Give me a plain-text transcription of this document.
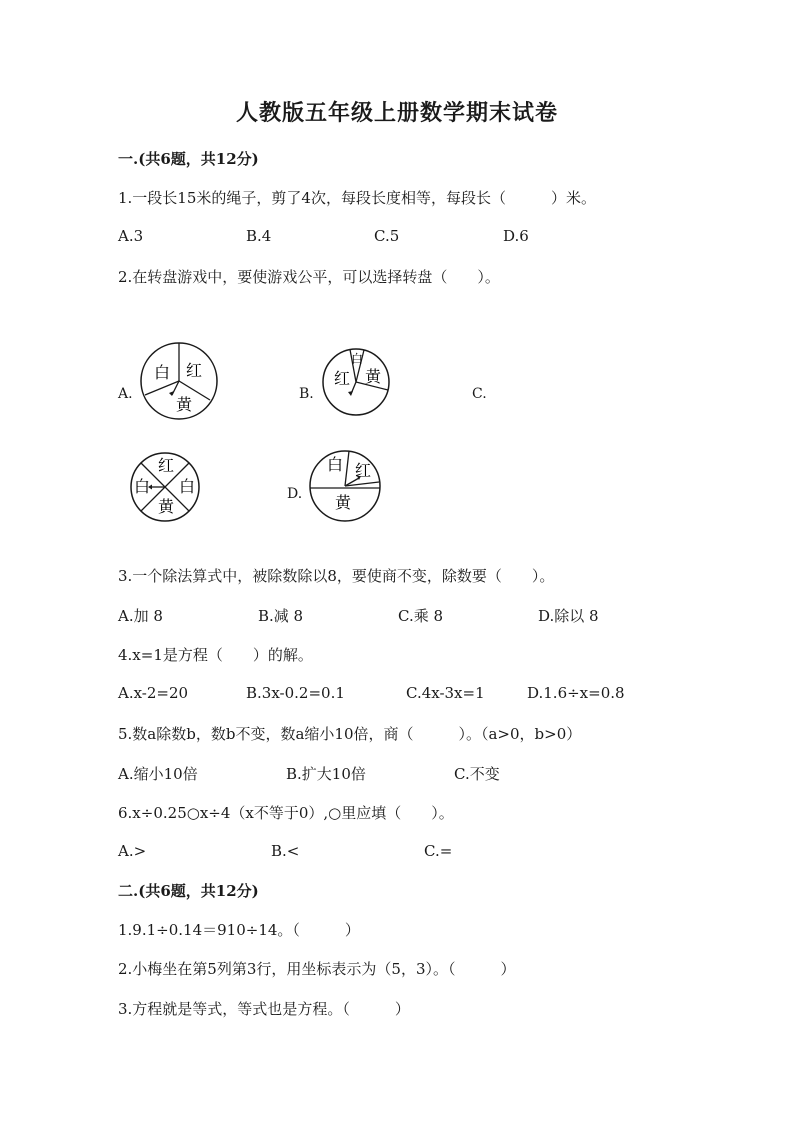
人教版五年级上册数学期末试卷
一.(共6题，共12分)
1.一段长15米的绳子，剪了4次，每段长度相等，每段长（　　　）米。
A.3	B.4	C.5	D.6
2.在转盘游戏中，要使游戏公平，可以选择转盘（　　）。
A.
白 红
黄
B.
白
红 黄
C.
红
白 白
黄
D.
白 红
黄
3.一个除法算式中，被除数除以8，要使商不变，除数要（　　）。
A.加 8	B.减 8	C.乘 8	D.除以 8
4.x=1是方程（　　）的解。
A.x-2=20	B.3x-0.2=0.1	C.4x-3x=1	D.1.6÷x=0.8
5.数a除数b，数b不变，数a缩小10倍，商（　　　）。（a>0，b>0）
A.缩小10倍	B.扩大10倍	C.不变
6.x÷0.25○x÷4（x不等于0）,○里应填（　　）。
A.>	B.<	C.=
二.(共6题，共12分)
1.9.1÷0.14＝910÷14。（　　　）
2.小梅坐在第5列第3行，用坐标表示为（5，3）。（　　　）
3.方程就是等式，等式也是方程。（　　　）
